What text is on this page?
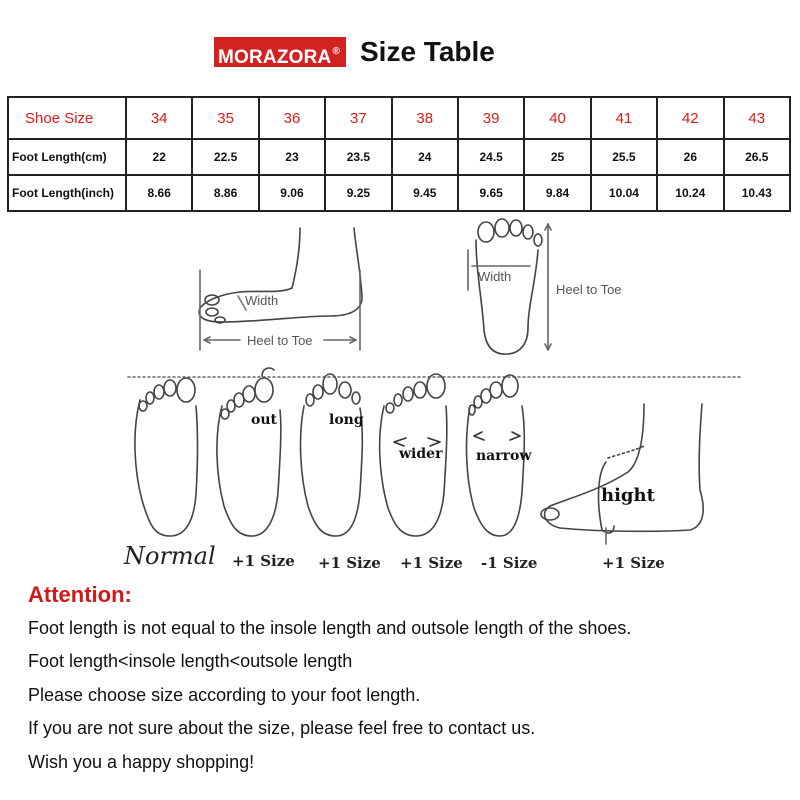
MORAZORA® Size Table
Shoe Size	34	35	36	37	38	39	40	41	42	43
Foot Length(cm)	22	22.5	23	23.5	24	24.5	25	25.5	26	26.5
Foot Length(inch)	8.66	8.86	9.06	9.25	9.45	9.65	9.84	10.04	10.24	10.43
Width
Heel to Toe
Width
Heel to Toe
out	long
wider narrow
hight
Normal +1 Size +1 Size +1 Size -1 Size	+1 Size
Attention:
Foot length is not equal to the insole length and outsole length of the shoes.
Foot length<insole length<outsole length
Please choose size according to your foot length.
If you are not sure about the size, please feel free to contact us.
Wish you a happy shopping!
